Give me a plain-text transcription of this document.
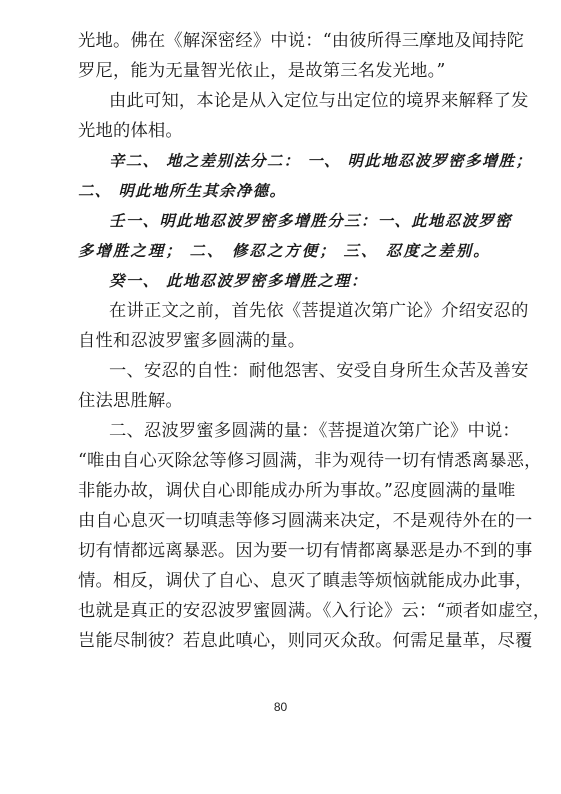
光地。佛在《解深密经》中说：“由彼所得三摩地及闻持陀
罗尼，能为无量智光依止，是故第三名发光地。”
由此可知，本论是从入定位与出定位的境界来解释了发
光地的体相。
辛二、 地之差别法分二： 一、 明此地忍波罗密多增胜；
二、 明此地所生其余净德。
壬一、明此地忍波罗密多增胜分三：一、此地忍波罗密
多增胜之理； 二、 修忍之方便； 三、 忍度之差别。
癸一、 此地忍波罗密多增胜之理：
在讲正文之前，首先依《菩提道次第广论》介绍安忍的
自性和忍波罗蜜多圆满的量。
一、安忍的自性：耐他怨害、安受自身所生众苦及善安
住法思胜解。
二、忍波罗蜜多圆满的量：《菩提道次第广论》中说：
“唯由自心灭除忿等修习圆满，非为观待一切有情悉离暴恶，
非能办故，调伏自心即能成办所为事故。”忍度圆满的量唯
由自心息灭一切嗔恚等修习圆满来决定，不是观待外在的一
切有情都远离暴恶。因为要一切有情都离暴恶是办不到的事
情。相反，调伏了自心、息灭了瞋恚等烦恼就能成办此事，
也就是真正的安忍波罗蜜圆满。《入行论》云：“顽者如虚空，
岂能尽制彼？若息此嗔心，则同灭众敌。何需足量革，尽覆
80
